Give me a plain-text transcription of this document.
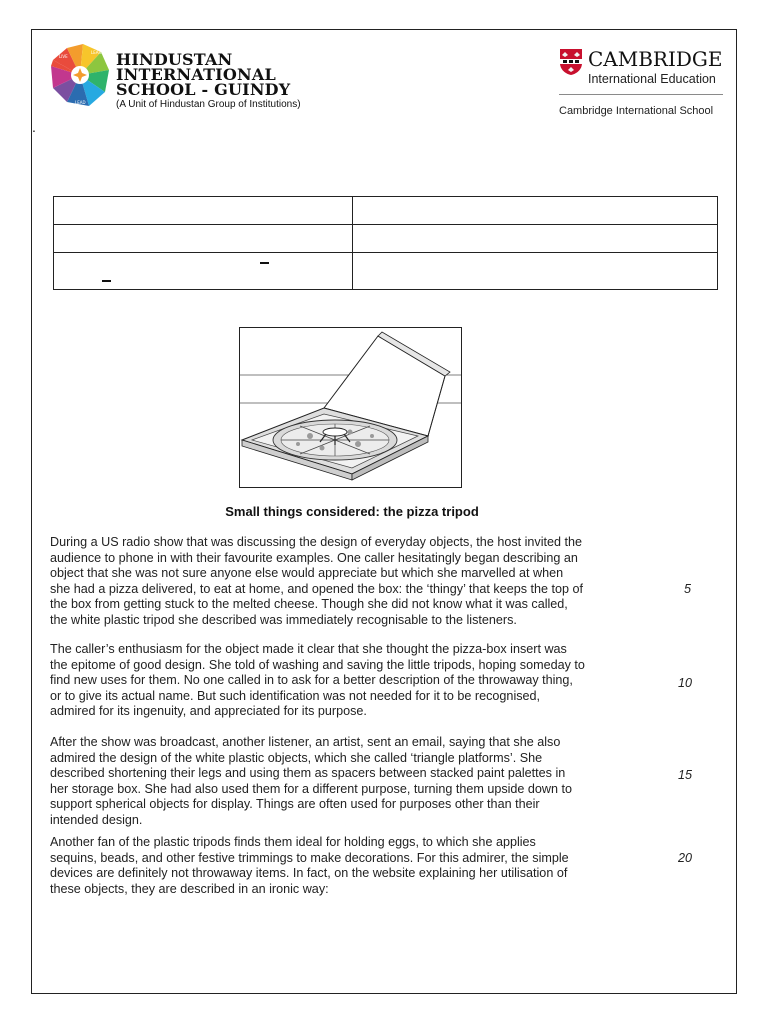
.
LIVE
LEARN
LEAD
HINDUSTAN
INTERNATIONAL
SCHOOL - GUINDY
(A Unit of Hindustan Group of Institutions)
CAMBRIDGE
International Education
Cambridge International School

Small things considered: the pizza tripod
During a US radio show that was discussing the design of everyday objects, the host invited the
audience to phone in with their favourite examples. One caller hesitatingly began describing an
object that she was not sure anyone else would appreciate but which she marvelled at when
she had a pizza delivered, to eat at home, and opened the box: the ‘thingy’ that keeps the top of
the box from getting stuck to the melted cheese. Though she did not know what it was called,
the white plastic tripod she described was immediately recognisable to the listeners.
5
The caller’s enthusiasm for the object made it clear that she thought the pizza-box insert was
the epitome of good design. She told of washing and saving the little tripods, hoping someday to
find new uses for them. No one called in to ask for a better description of the throwaway thing,
or to give its actual name. But such identification was not needed for it to be recognised,
admired for its ingenuity, and appreciated for its purpose.
10
After the show was broadcast, another listener, an artist, sent an email, saying that she also
admired the design of the white plastic objects, which she called ‘triangle platforms’. She
described shortening their legs and using them as spacers between stacked paint palettes in
her storage box. She had also used them for a different purpose, turning them upside down to
support spherical objects for display. Things are often used for purposes other than their
intended design.
15
Another fan of the plastic tripods finds them ideal for holding eggs, to which she applies
sequins, beads, and other festive trimmings to make decorations. For this admirer, the simple
devices are definitely not throwaway items. In fact, on the website explaining her utilisation of
these objects, they are described in an ironic way:
20
